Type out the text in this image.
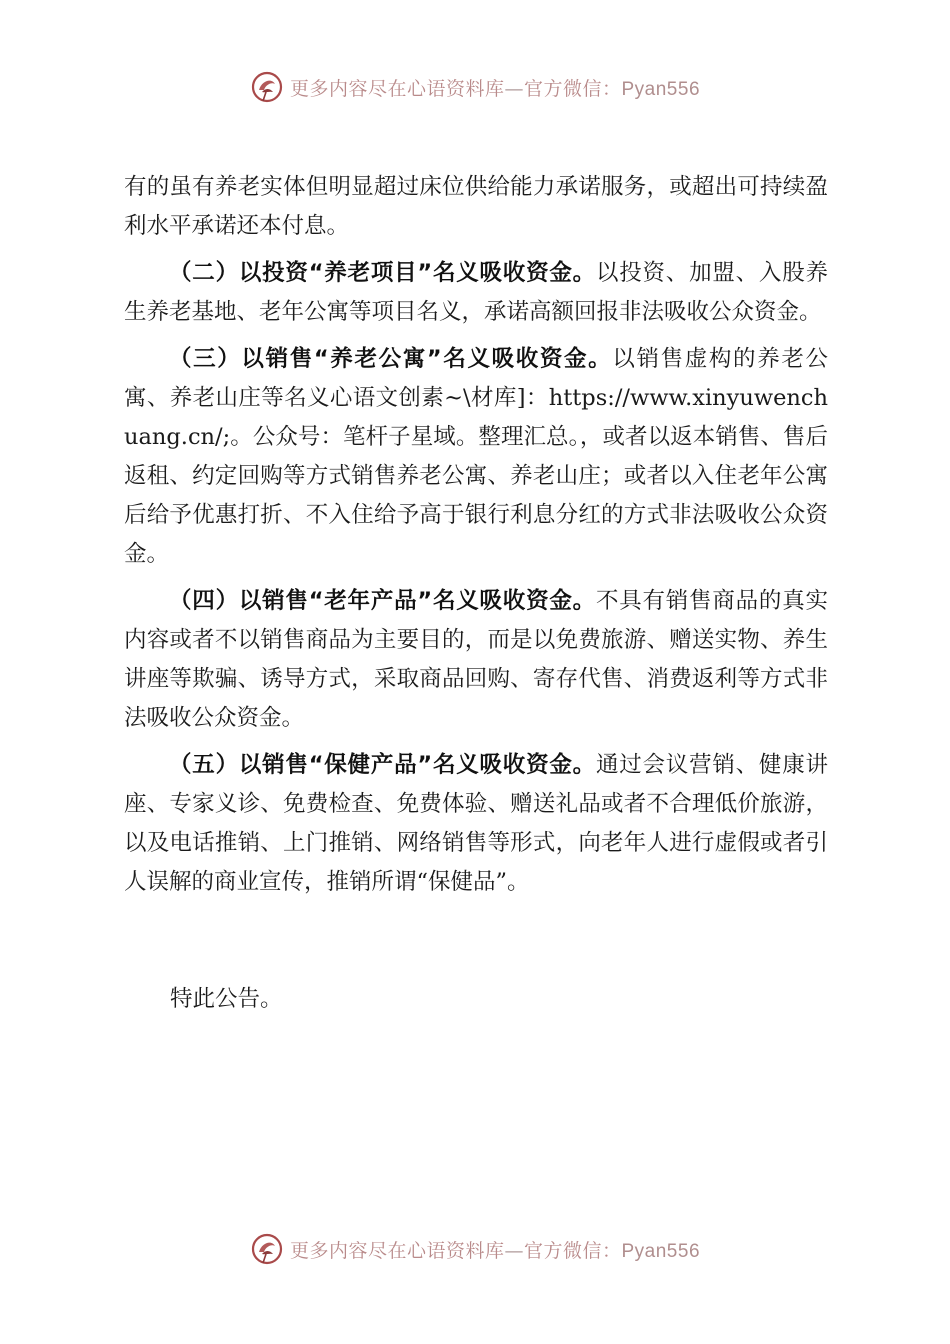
更多内容尽在心语资料库—官方微信：Pyan556

有的虽有养老实体但明显超过床位供给能力承诺服务，或超出可持续盈利水平承诺还本付息。

（二）以投资“养老项目”名义吸收资金。以投资、加盟、入股养生养老基地、老年公寓等项目名义，承诺高额回报非法吸收公众资金。

（三）以销售“养老公寓”名义吸收资金。以销售虚构的养老公寓、养老山庄等名义心语文创素~\材库]：https://www.xinyuwenchuang.cn/;。公众号：笔杆子星域。整理汇总。，或者以返本销售、售后返租、约定回购等方式销售养老公寓、养老山庄；或者以入住老年公寓后给予优惠打折、不入住给予高于银行利息分红的方式非法吸收公众资金。

（四）以销售“老年产品”名义吸收资金。不具有销售商品的真实内容或者不以销售商品为主要目的，而是以免费旅游、赠送实物、养生讲座等欺骗、诱导方式，采取商品回购、寄存代售、消费返利等方式非法吸收公众资金。

（五）以销售“保健产品”名义吸收资金。通过会议营销、健康讲座、专家义诊、免费检查、免费体验、赠送礼品或者不合理低价旅游，以及电话推销、上门推销、网络销售等形式，向老年人进行虚假或者引人误解的商业宣传，推销所谓“保健品”。

特此公告。

更多内容尽在心语资料库—官方微信：Pyan556
